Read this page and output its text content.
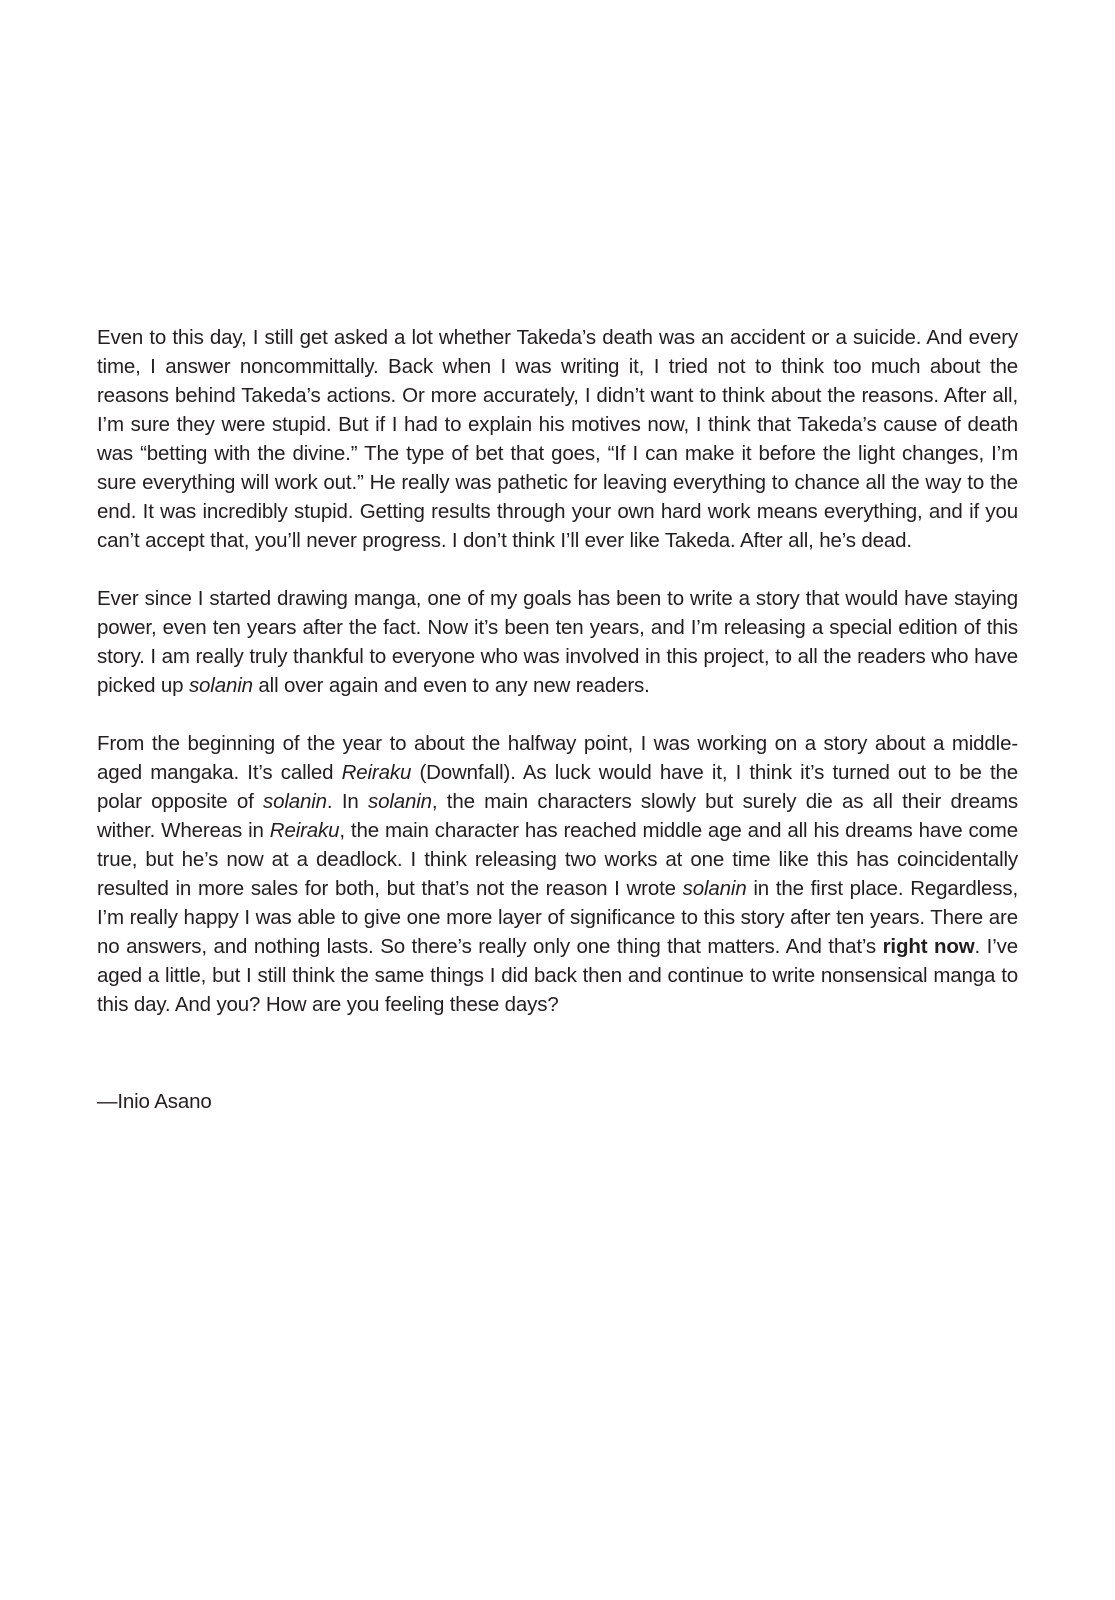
Even to this day, I still get asked a lot whether Takeda’s death was an accident or a suicide. And every time, I answer noncommittally. Back when I was writing it, I tried not to think too much about the reasons behind Takeda’s actions. Or more accurately, I didn’t want to think about the reasons. After all, I’m sure they were stupid. But if I had to explain his motives now, I think that Takeda’s cause of death was “betting with the divine.” The type of bet that goes, “If I can make it before the light changes, I’m sure everything will work out.” He really was pathetic for leaving everything to chance all the way to the end. It was incredibly stupid. Getting results through your own hard work means everything, and if you can’t accept that, you’ll never progress. I don’t think I’ll ever like Takeda. After all, he’s dead.

Ever since I started drawing manga, one of my goals has been to write a story that would have staying power, even ten years after the fact. Now it’s been ten years, and I’m releasing a special edition of this story. I am really truly thankful to everyone who was involved in this project, to all the readers who have picked up solanin all over again and even to any new readers.

From the beginning of the year to about the halfway point, I was working on a story about a middle-aged mangaka. It’s called Reiraku (Downfall). As luck would have it, I think it’s turned out to be the polar opposite of solanin. In solanin, the main characters slowly but surely die as all their dreams wither. Whereas in Reiraku, the main character has reached middle age and all his dreams have come true, but he’s now at a deadlock. I think releasing two works at one time like this has coincidentally resulted in more sales for both, but that’s not the reason I wrote solanin in the first place. Regardless, I’m really happy I was able to give one more layer of significance to this story after ten years. There are no answers, and nothing lasts. So there’s really only one thing that matters. And that’s right now. I’ve aged a little, but I still think the same things I did back then and continue to write nonsensical manga to this day. And you? How are you feeling these days?

—Inio Asano
